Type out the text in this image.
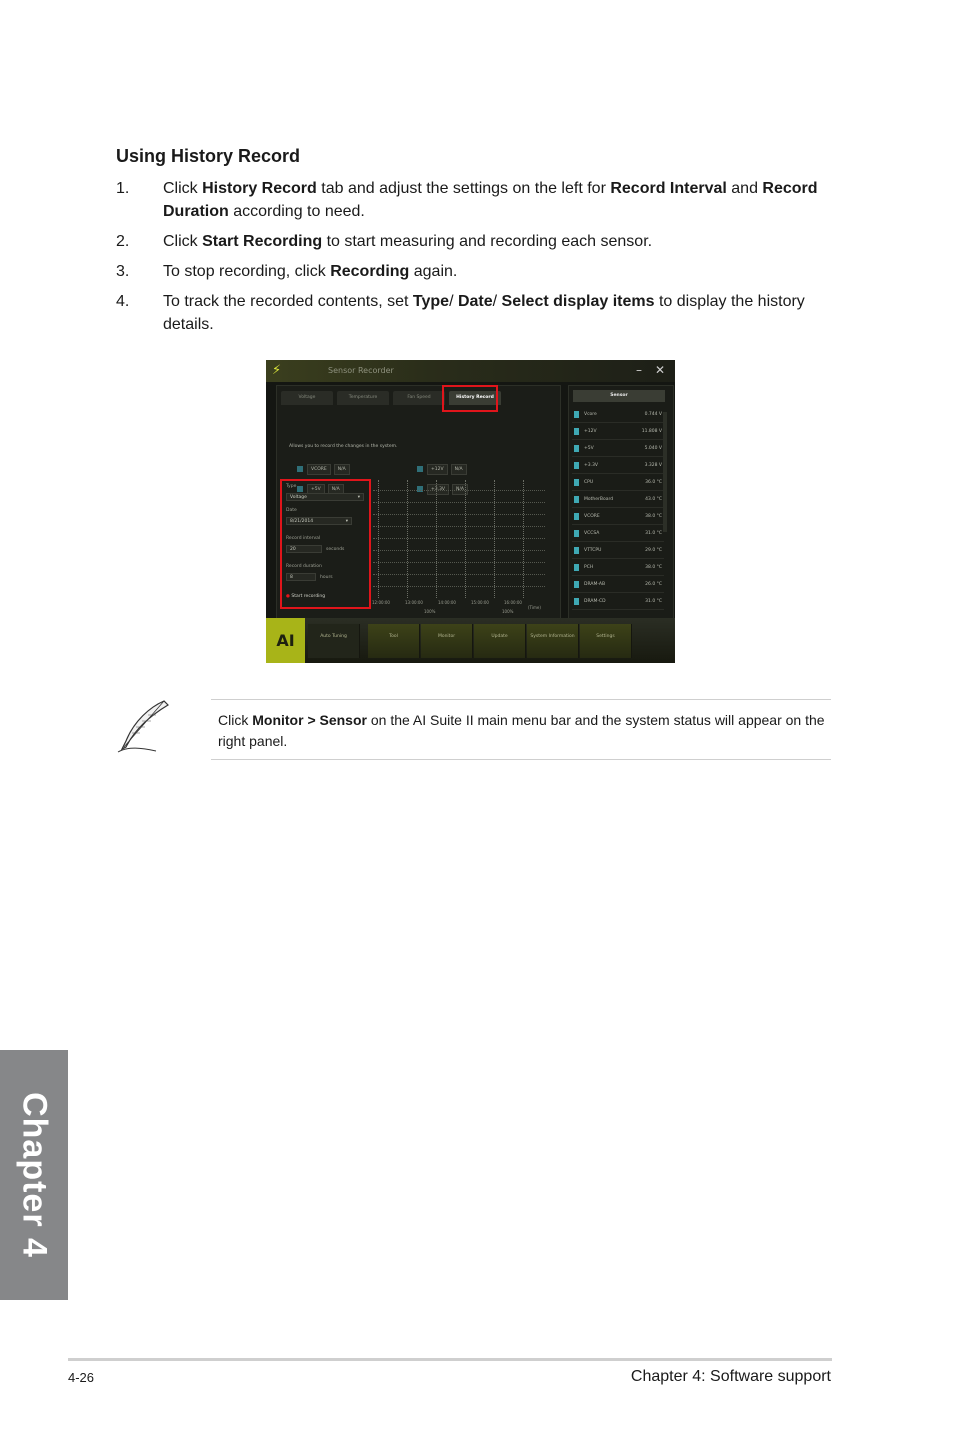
Using History Record
1. Click History Record tab and adjust the settings on the left for Record Interval and Record Duration according to need.
2. Click Start Recording to start measuring and recording each sensor.
3. To stop recording, click Recording again.
4. To track the recorded contents, set Type/ Date/ Select display items to display the history details.
⚡	Sensor Recorder	– ✕
Voltage	Temperature	Fan Speed	History Record
Allows you to record the changes in the system.
VCORE N/A	+12V N/A
+5V N/A	+3.3V N/A
Type
Voltage	▾
Date
8/21/2014	▾
Record interval
20	seconds
Record duration
8	hours
● Start recording
12:00:00	13:00:00	14:00:00	15:00:00	16:00:00
100%	100%
(Time)
Sensor
Vcore	0.744 V
+12V	11.808 V
+5V	5.040 V
+3.3V	3.328 V
CPU	36.0 °C
MotherBoard	43.0 °C
VCORE	38.0 °C
VCCSA	31.0 °C
VTTCPU	29.0 °C
PCH	38.0 °C
DRAM-AB	26.0 °C
DRAM-CD	31.0 °C
AI	Auto Tuning	Tool	Monitor	Update	System Information	Settings
Click Monitor > Sensor on the AI Suite II main menu bar and the system status will appear on the right panel.
Chapter 4
4-26	Chapter 4: Software support
